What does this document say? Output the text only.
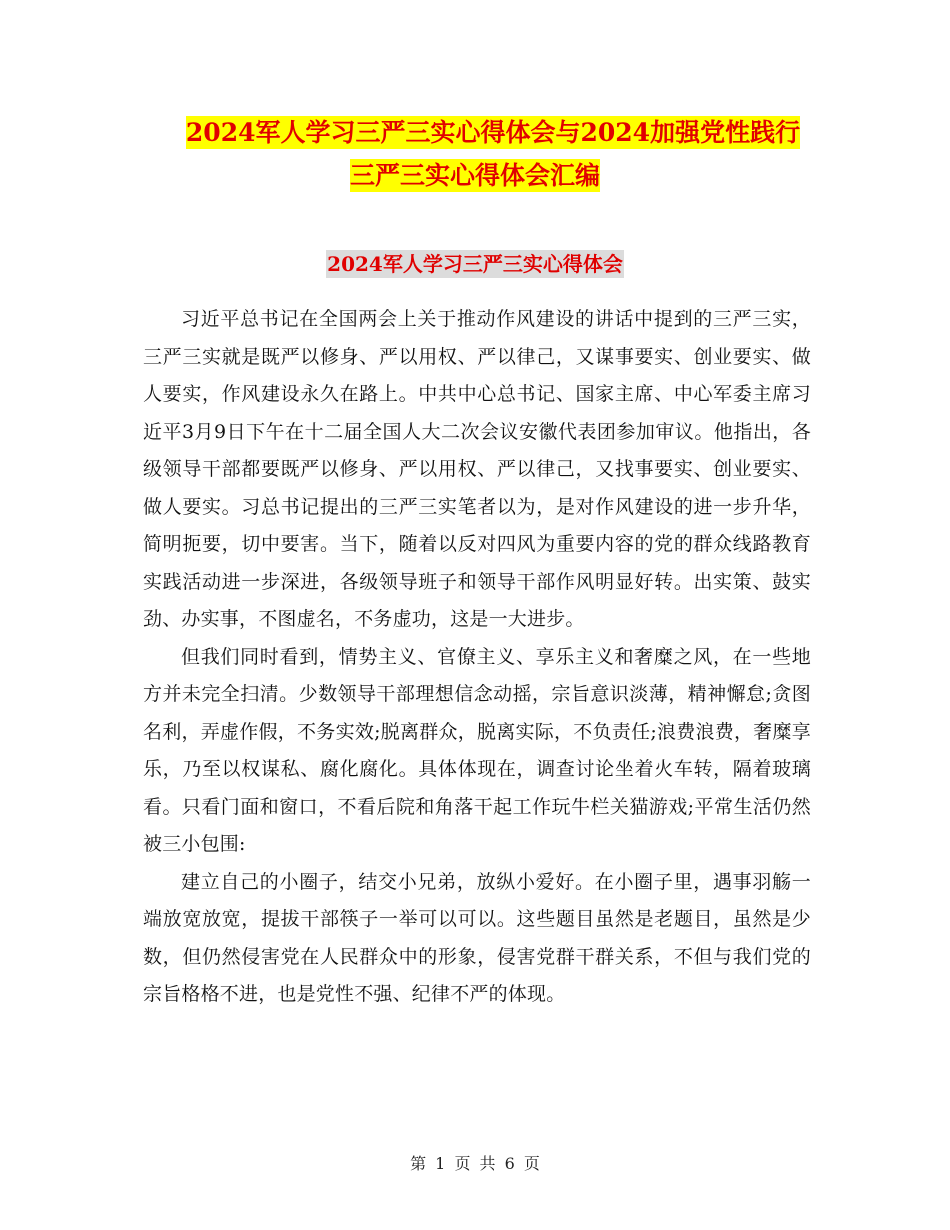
2024军人学习三严三实心得体会与2024加强党性践行
三严三实心得体会汇编
2024军人学习三严三实心得体会

习近平总书记在全国两会上关于推动作风建设的讲话中提到的三严三实，三严三实就是既严以修身、严以用权、严以律己，又谋事要实、创业要实、做人要实，作风建设永久在路上。中共中心总书记、国家主席、中心军委主席习近平3月9日下午在十二届全国人大二次会议安徽代表团参加审议。他指出，各级领导干部都要既严以修身、严以用权、严以律己，又找事要实、创业要实、做人要实。习总书记提出的三严三实笔者以为，是对作风建设的进一步升华，简明扼要，切中要害。当下，随着以反对四风为重要内容的党的群众线路教育实践活动进一步深进，各级领导班子和领导干部作风明显好转。出实策、鼓实劲、办实事，不图虚名，不务虚功，这是一大进步。

但我们同时看到，情势主义、官僚主义、享乐主义和奢糜之风，在一些地方并未完全扫清。少数领导干部理想信念动摇，宗旨意识淡薄，精神懈怠;贪图名利，弄虚作假，不务实效;脱离群众，脱离实际，不负责任;浪费浪费，奢糜享乐，乃至以权谋私、腐化腐化。具体体现在，调查讨论坐着火车转，隔着玻璃看。只看门面和窗口，不看后院和角落干起工作玩牛栏关猫游戏;平常生活仍然被三小包围:

建立自己的小圈子，结交小兄弟，放纵小爱好。在小圈子里，遇事羽觞一端放宽放宽，提拔干部筷子一举可以可以。这些题目虽然是老题目，虽然是少数，但仍然侵害党在人民群众中的形象，侵害党群干群关系，不但与我们党的宗旨格格不进，也是党性不强、纪律不严的体现。

第 1 页 共 6 页
